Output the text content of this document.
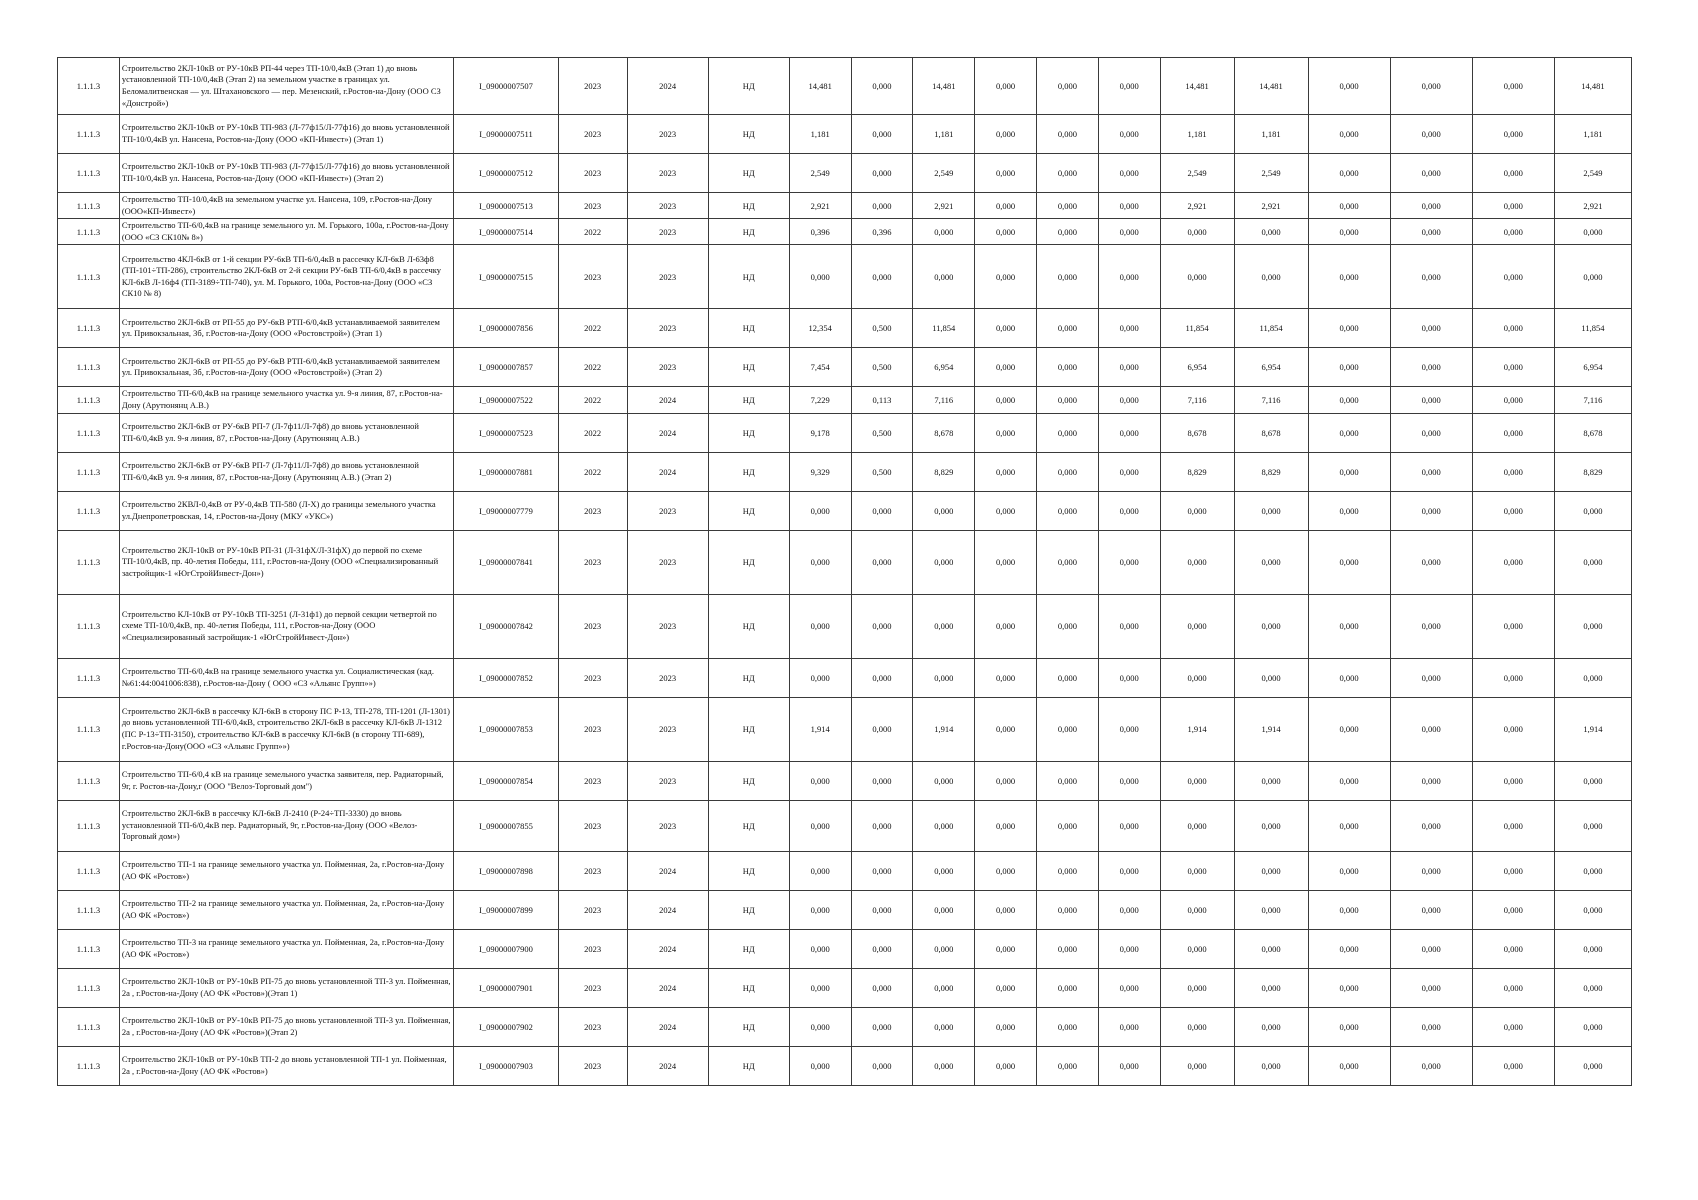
1.1.1.3	Строительство 2КЛ-10кВ от РУ-10кВ РП-44 через ТП-10/0,4кВ (Этап 1) до вновь установленной ТП-10/0,4кВ (Этап 2) на земельном участке в границах ул. Беломалитвенская — ул. Штахановского — пер. Мезенский, г.Ростов-на-Дону (ООО СЗ «Донстрой»)	I_09000007507	2023	2024	НД	14,481	0,000	14,481	0,000	0,000	0,000	14,481	14,481	0,000	0,000	0,000	14,481
1.1.1.3	Строительство 2КЛ-10кВ от РУ-10кВ ТП-983 (Л-77ф15/Л-77ф16) до вновь установленной ТП-10/0,4кВ ул. Нансена, Ростов-на-Дону (ООО «КП-Инвест») (Этап 1)	I_09000007511	2023	2023	НД	1,181	0,000	1,181	0,000	0,000	0,000	1,181	1,181	0,000	0,000	0,000	1,181
1.1.1.3	Строительство 2КЛ-10кВ от РУ-10кВ ТП-983 (Л-77ф15/Л-77ф16) до вновь установленной ТП-10/0,4кВ ул. Нансена, Ростов-на-Дону (ООО «КП-Инвест») (Этап 2)	I_09000007512	2023	2023	НД	2,549	0,000	2,549	0,000	0,000	0,000	2,549	2,549	0,000	0,000	0,000	2,549
1.1.1.3	Строительство ТП-10/0,4кВ на земельном участке ул. Нансена, 109, г.Ростов-на-Дону (ООО«КП-Инвест»)	I_09000007513	2023	2023	НД	2,921	0,000	2,921	0,000	0,000	0,000	2,921	2,921	0,000	0,000	0,000	2,921
1.1.1.3	Строительство ТП-6/0,4кВ на границе земельного ул. М. Горького, 100а, г.Ростов-на-Дону (ООО «СЗ СК10№ 8»)	I_09000007514	2022	2023	НД	0,396	0,396	0,000	0,000	0,000	0,000	0,000	0,000	0,000	0,000	0,000	0,000
1.1.1.3	Строительство 4КЛ-6кВ от 1-й секции РУ-6кВ ТП-6/0,4кВ в рассечку КЛ-6кВ Л-63ф8 (ТП-101÷ТП-286), строительство 2КЛ-6кВ от 2-й секции РУ-6кВ ТП-6/0,4кВ в рассечку КЛ-6кВ Л-16ф4 (ТП-3189÷ТП-740), ул. М. Горького, 100а, Ростов-на-Дону (ООО «СЗ СК10 № 8)	I_09000007515	2023	2023	НД	0,000	0,000	0,000	0,000	0,000	0,000	0,000	0,000	0,000	0,000	0,000	0,000
1.1.1.3	Строительство 2КЛ-6кВ от РП-55 до РУ-6кВ РТП-6/0,4кВ устанавливаемой заявителем ул. Привокзальная, 3б, г.Ростов-на-Дону (ООО «Ростовстрой») (Этап 1)	I_09000007856	2022	2023	НД	12,354	0,500	11,854	0,000	0,000	0,000	11,854	11,854	0,000	0,000	0,000	11,854
1.1.1.3	Строительство 2КЛ-6кВ от РП-55 до РУ-6кВ РТП-6/0,4кВ устанавливаемой заявителем ул. Привокзальная, 3б, г.Ростов-на-Дону (ООО «Ростовстрой») (Этап 2)	I_09000007857	2022	2023	НД	7,454	0,500	6,954	0,000	0,000	0,000	6,954	6,954	0,000	0,000	0,000	6,954
1.1.1.3	Строительство ТП-6/0,4кВ на границе земельного участка ул. 9-я линия, 87, г.Ростов-на-Дону (Арутюнянц А.В.)	I_09000007522	2022	2024	НД	7,229	0,113	7,116	0,000	0,000	0,000	7,116	7,116	0,000	0,000	0,000	7,116
1.1.1.3	Строительство 2КЛ-6кВ от РУ-6кВ РП-7 (Л-7ф11/Л-7ф8) до вновь установленной ТП-6/0,4кВ ул. 9-я линия, 87, г.Ростов-на-Дону (Арутюнянц А.В.)	I_09000007523	2022	2024	НД	9,178	0,500	8,678	0,000	0,000	0,000	8,678	8,678	0,000	0,000	0,000	8,678
1.1.1.3	Строительство 2КЛ-6кВ от РУ-6кВ РП-7 (Л-7ф11/Л-7ф8) до вновь установленной ТП-6/0,4кВ ул. 9-я линия, 87, г.Ростов-на-Дону (Арутюнянц А.В.) (Этап 2)	I_09000007881	2022	2024	НД	9,329	0,500	8,829	0,000	0,000	0,000	8,829	8,829	0,000	0,000	0,000	8,829
1.1.1.3	Строительство 2КВЛ-0,4кВ от РУ-0,4кВ ТП-580 (Л-X) до границы земельного участка ул.Днепропетровская, 14, г.Ростов-на-Дону (МКУ «УКС»)	I_09000007779	2023	2023	НД	0,000	0,000	0,000	0,000	0,000	0,000	0,000	0,000	0,000	0,000	0,000	0,000
1.1.1.3	Строительство 2КЛ-10кВ от РУ-10кВ РП-31 (Л-31фХ/Л-31фХ) до первой по схеме ТП-10/0,4кВ, пр. 40-летия Победы, 111, г.Ростов-на-Дону (ООО «Специализированный застройщик-1 «ЮгСтройИнвест-Дон»)	I_09000007841	2023	2023	НД	0,000	0,000	0,000	0,000	0,000	0,000	0,000	0,000	0,000	0,000	0,000	0,000
1.1.1.3	Строительство КЛ-10кВ от РУ-10кВ ТП-3251 (Л-31ф1) до первой секции четвертой по схеме ТП-10/0,4кВ, пр. 40-летия Победы, 111, г.Ростов-на-Дону (ООО «Специализированный застройщик-1 «ЮгСтройИнвест-Дон»)	I_09000007842	2023	2023	НД	0,000	0,000	0,000	0,000	0,000	0,000	0,000	0,000	0,000	0,000	0,000	0,000
1.1.1.3	Строительство ТП-6/0,4кВ на границе земельного участка ул. Социалистическая (кад.№61:44:0041006:838), г.Ростов-на-Дону ( ООО «СЗ «Альянс Групп»»)	I_09000007852	2023	2023	НД	0,000	0,000	0,000	0,000	0,000	0,000	0,000	0,000	0,000	0,000	0,000	0,000
1.1.1.3	Строительство 2КЛ-6кВ в рассечку КЛ-6кВ в сторону ПС Р-13, ТП-278, ТП-1201 (Л-1301) до вновь установленной ТП-6/0,4кВ, строительство 2КЛ-6кВ в рассечку КЛ-6кВ Л-1312 (ПС Р-13÷ТП-3150), строительство КЛ-6кВ в рассечку КЛ-6кВ (в сторону ТП-689), г.Ростов-на-Дону(ООО «СЗ «Альянс Групп»»)	I_09000007853	2023	2023	НД	1,914	0,000	1,914	0,000	0,000	0,000	1,914	1,914	0,000	0,000	0,000	1,914
1.1.1.3	Строительство ТП-6/0,4 кВ на границе земельного участка заявителя, пер. Радиаторный, 9г, г. Ростов-на-Дону,г (ООО "Велоз-Торговый дом")	I_09000007854	2023	2023	НД	0,000	0,000	0,000	0,000	0,000	0,000	0,000	0,000	0,000	0,000	0,000	0,000
1.1.1.3	Строительство 2КЛ-6кВ в рассечку КЛ-6кВ Л-2410 (Р-24÷ТП-3330) до вновь установленной ТП-6/0,4кВ пер. Радиаторный, 9г, г.Ростов-на-Дону (ООО «Велоз-Торговый дом»)	I_09000007855	2023	2023	НД	0,000	0,000	0,000	0,000	0,000	0,000	0,000	0,000	0,000	0,000	0,000	0,000
1.1.1.3	Строительство ТП-1 на границе земельного участка ул. Пойменная, 2а, г.Ростов-на-Дону (АО ФК «Ростов»)	I_09000007898	2023	2024	НД	0,000	0,000	0,000	0,000	0,000	0,000	0,000	0,000	0,000	0,000	0,000	0,000
1.1.1.3	Строительство ТП-2 на границе земельного участка ул. Пойменная, 2а, г.Ростов-на-Дону (АО ФК «Ростов»)	I_09000007899	2023	2024	НД	0,000	0,000	0,000	0,000	0,000	0,000	0,000	0,000	0,000	0,000	0,000	0,000
1.1.1.3	Строительство ТП-3 на границе земельного участка ул. Пойменная, 2а, г.Ростов-на-Дону (АО ФК «Ростов»)	I_09000007900	2023	2024	НД	0,000	0,000	0,000	0,000	0,000	0,000	0,000	0,000	0,000	0,000	0,000	0,000
1.1.1.3	Строительство 2КЛ-10кВ от РУ-10кВ РП-75 до вновь установленной ТП-3 ул. Пойменная, 2а , г.Ростов-на-Дону (АО ФК «Ростов»)(Этап 1)	I_09000007901	2023	2024	НД	0,000	0,000	0,000	0,000	0,000	0,000	0,000	0,000	0,000	0,000	0,000	0,000
1.1.1.3	Строительство 2КЛ-10кВ от РУ-10кВ РП-75 до вновь установленной ТП-3 ул. Пойменная, 2а , г.Ростов-на-Дону (АО ФК «Ростов»)(Этап 2)	I_09000007902	2023	2024	НД	0,000	0,000	0,000	0,000	0,000	0,000	0,000	0,000	0,000	0,000	0,000	0,000
1.1.1.3	Строительство 2КЛ-10кВ от РУ-10кВ ТП-2 до вновь установленной ТП-1 ул. Пойменная, 2а , г.Ростов-на-Дону (АО ФК «Ростов»)	I_09000007903	2023	2024	НД	0,000	0,000	0,000	0,000	0,000	0,000	0,000	0,000	0,000	0,000	0,000	0,000
